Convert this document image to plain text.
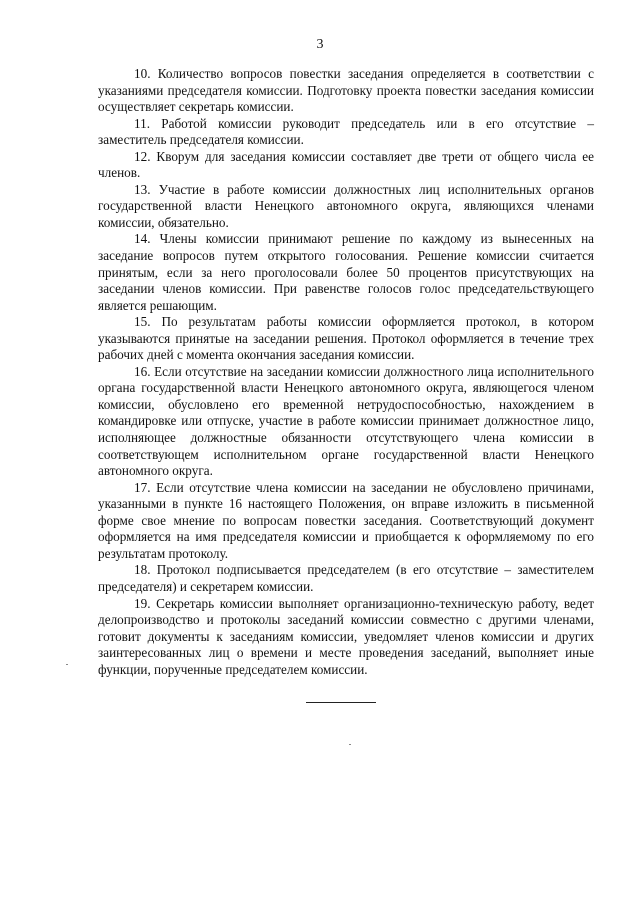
3

10. Количество вопросов повестки заседания определяется в соответствии с указаниями председателя комиссии. Подготовку проекта повестки заседания комиссии осуществляет секретарь комиссии.

11. Работой комиссии руководит председатель или в его отсутствие – заместитель председателя комиссии.

12. Кворум для заседания комиссии составляет две трети от общего числа ее членов.

13. Участие в работе комиссии должностных лиц исполнительных органов государственной власти Ненецкого автономного округа, являющихся членами комиссии, обязательно.

14. Члены комиссии принимают решение по каждому из вынесенных на заседание вопросов путем открытого голосования. Решение комиссии считается принятым, если за него проголосовали более 50 процентов присутствующих на заседании членов комиссии. При равенстве голосов голос председательствующего является решающим.

15. По результатам работы комиссии оформляется протокол, в котором указываются принятые на заседании решения. Протокол оформляется в течение трех рабочих дней с момента окончания заседания комиссии.

16. Если отсутствие на заседании комиссии должностного лица исполнительного органа государственной власти Ненецкого автономного округа, являющегося членом комиссии, обусловлено его временной нетрудоспособностью, нахождением в командировке или отпуске, участие в работе комиссии принимает должностное лицо, исполняющее должностные обязанности отсутствующего члена комиссии в соответствующем исполнительном органе государственной власти Ненецкого автономного округа.

17. Если отсутствие члена комиссии на заседании не обусловлено причинами, указанными в пункте 16 настоящего Положения, он вправе изложить в письменной форме свое мнение по вопросам повестки заседания. Соответствующий документ оформляется на имя председателя комиссии и приобщается к оформляемому по его результатам протоколу.

18. Протокол подписывается председателем (в его отсутствие – заместителем председателя) и секретарем комиссии.

19. Секретарь комиссии выполняет организационно-техническую работу, ведет делопроизводство и протоколы заседаний комиссии совместно с другими членами, готовит документы к заседаниям комиссии, уведомляет членов комиссии и других заинтересованных лиц о времени и месте проведения заседаний, выполняет иные функции, порученные председателем комиссии.
